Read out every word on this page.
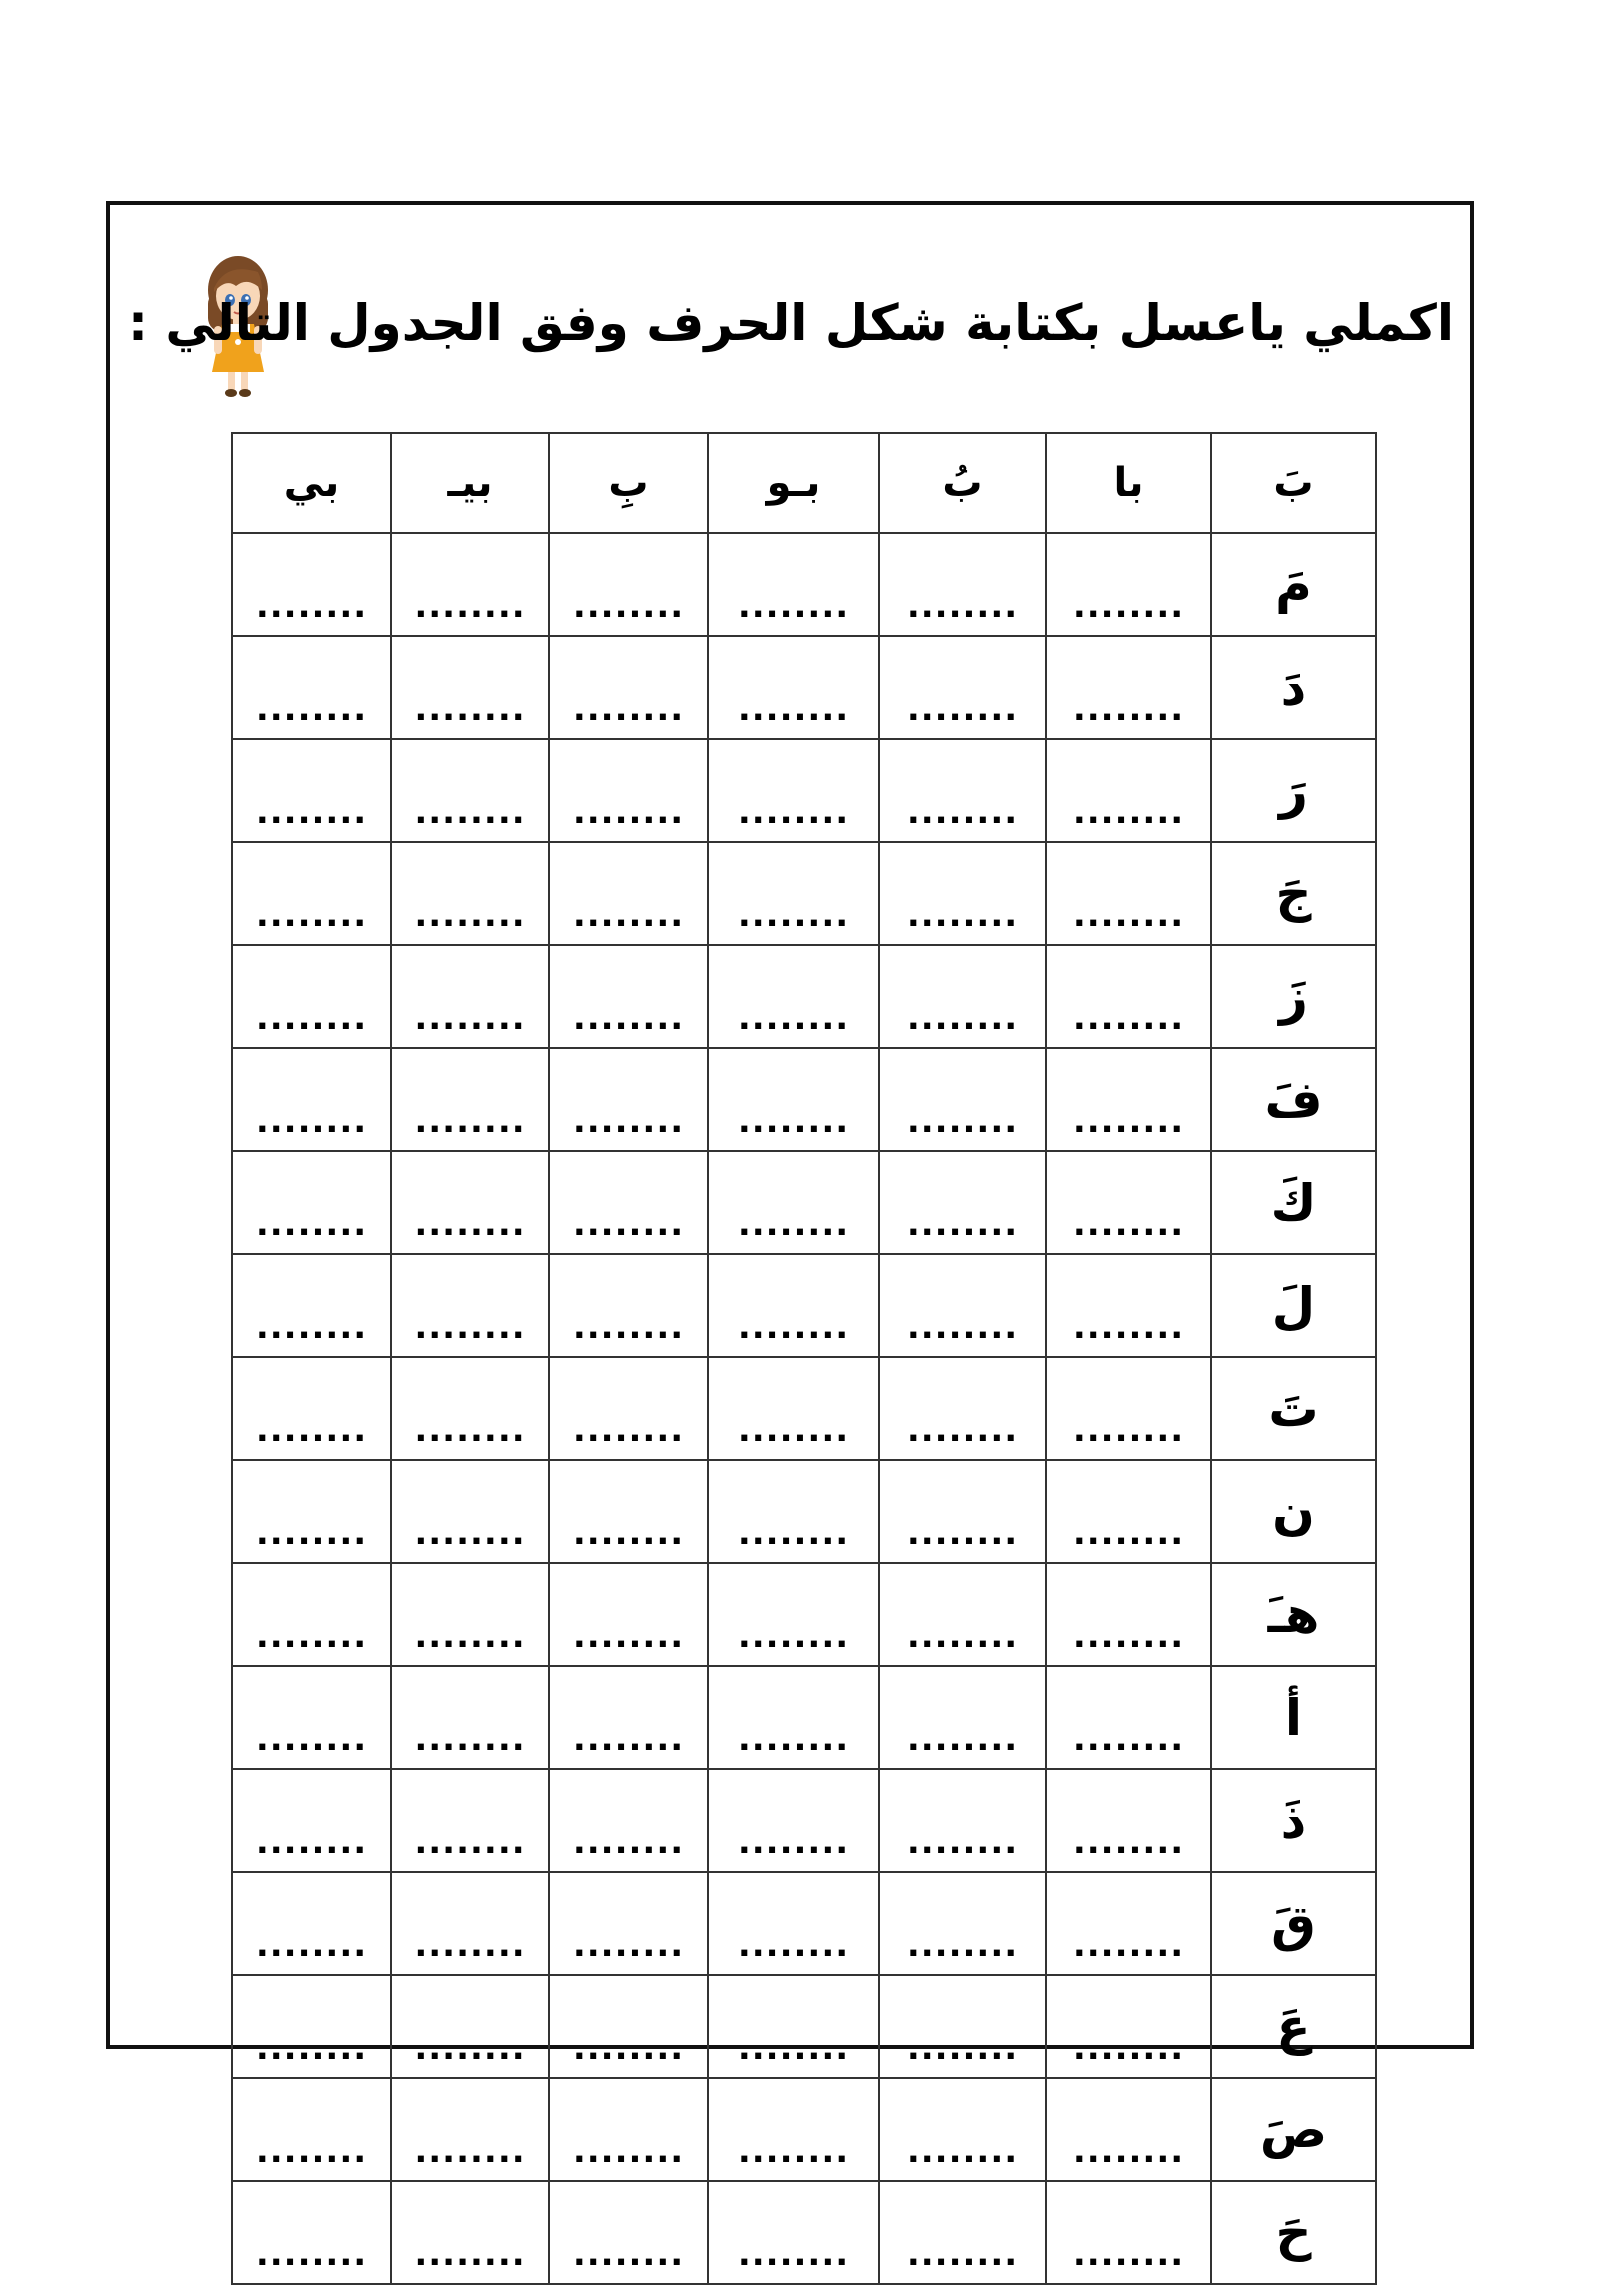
اكملي ياعسل بكتابة شكل الحرف وفق الجدول التالي :
بَ	با	بُ	بـو	بِ	بيـ	بي
مَ	........	........	........	........	........	........
دَ	........	........	........	........	........	........
رَ	........	........	........	........	........	........
جَ	........	........	........	........	........	........
زَ	........	........	........	........	........	........
فَ	........	........	........	........	........	........
كَ	........	........	........	........	........	........
لَ	........	........	........	........	........	........
تَ	........	........	........	........	........	........
ن	........	........	........	........	........	........
هـَ	........	........	........	........	........	........
أ	........	........	........	........	........	........
ذَ	........	........	........	........	........	........
قَ	........	........	........	........	........	........
عَ	........	........	........	........	........	........
صَ	........	........	........	........	........	........
حَ	........	........	........	........	........	........
